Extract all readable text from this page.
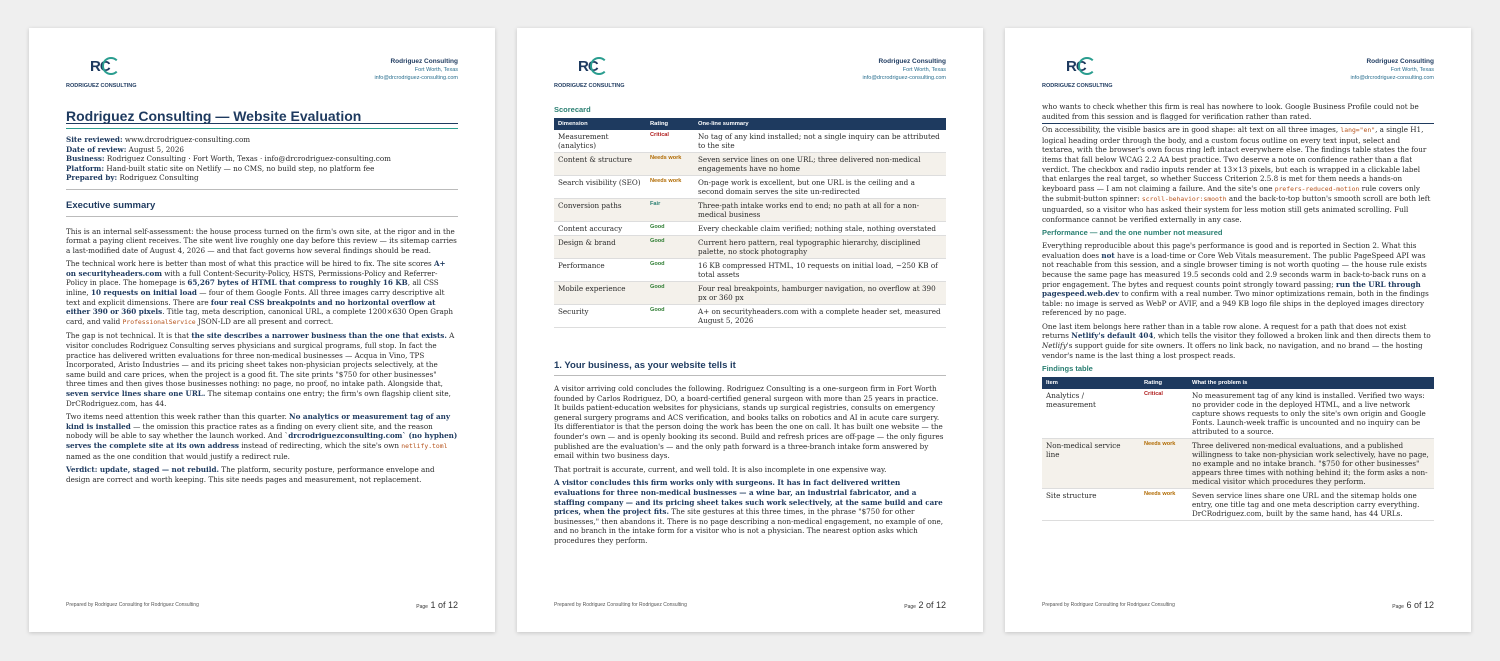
RC
RODRIGUEZ CONSULTING
Rodriguez Consulting
Fort Worth, Texas
info@drcrodriguez-consulting.com
Rodriguez Consulting — Website Evaluation
Site reviewed: www.drcrodriguez-consulting.com
Date of review: August 5, 2026
Business: Rodriguez Consulting · Fort Worth, Texas · info@drcrodriguez-consulting.com
Platform: Hand-built static site on Netlify — no CMS, no build step, no platform fee
Prepared by: Rodriguez Consulting
Executive summary

This is an internal self-assessment: the house process turned on the firm's own site, at the rigor and in the format a paying client receives. The site went live roughly one day before this review — its sitemap carries a last-modified date of August 4, 2026 — and that fact governs how several findings should be read.

The technical work here is better than most of what this practice will be hired to fix. The site scores A+ on securityheaders.com with a full Content-Security-Policy, HSTS, Permissions-Policy and Referrer-Policy in place. The homepage is 65,267 bytes of HTML that compress to roughly 16 KB, all CSS inline, 10 requests on initial load — four of them Google Fonts. All three images carry descriptive alt text and explicit dimensions. There are four real CSS breakpoints and no horizontal overflow at either 390 or 360 pixels. Title tag, meta description, canonical URL, a complete 1200×630 Open Graph card, and valid ProfessionalService JSON-LD are all present and correct.

The gap is not technical. It is that the site describes a narrower business than the one that exists. A visitor concludes Rodriguez Consulting serves physicians and surgical programs, full stop. In fact the practice has delivered written evaluations for three non-medical businesses — Acqua in Vino, TPS Incorporated, Aristo Industries — and its pricing sheet takes non-physician projects selectively, at the same build and care prices, when the project is a good fit. The site prints "$750 for other businesses" three times and then gives those businesses nothing: no page, no proof, no intake path. Alongside that, seven service lines share one URL. The sitemap contains one entry; the firm's own flagship client site, DrCRodriguez.com, has 44.

Two items need attention this week rather than this quarter. No analytics or measurement tag of any kind is installed — the omission this practice rates as a finding on every client site, and the reason nobody will be able to say whether the launch worked. And `drcrodriguezconsulting.com` (no hyphen) serves the complete site at its own address instead of redirecting, which the site's own netlify.toml named as the one condition that would justify a redirect rule.

Verdict: update, staged — not rebuild. The platform, security posture, performance envelope and design are correct and worth keeping. This site needs pages and measurement, not replacement.

Prepared by Rodriguez Consulting for Rodriguez Consulting	Page 1 of 12
RC
RODRIGUEZ CONSULTING
Rodriguez Consulting
Fort Worth, Texas
info@drcrodriguez-consulting.com
Scorecard
Dimension	Rating	One-line summary
Measurement (analytics)	Critical	No tag of any kind installed; not a single inquiry can be attributed to the site
Content & structure	Needs work	Seven service lines on one URL; three delivered non-medical engagements have no home
Search visibility (SEO)	Needs work	On-page work is excellent, but one URL is the ceiling and a second domain serves the site un-redirected
Conversion paths	Fair	Three-path intake works end to end; no path at all for a non-medical business
Content accuracy	Good	Every checkable claim verified; nothing stale, nothing overstated
Design & brand	Good	Current hero pattern, real typographic hierarchy, disciplined palette, no stock photography
Performance	Good	16 KB compressed HTML, 10 requests on initial load, ~250 KB of total assets
Mobile experience	Good	Four real breakpoints, hamburger navigation, no overflow at 390 px or 360 px
Security	Good	A+ on securityheaders.com with a complete header set, measured August 5, 2026
1. Your business, as your website tells it

A visitor arriving cold concludes the following. Rodriguez Consulting is a one-surgeon firm in Fort Worth founded by Carlos Rodriguez, DO, a board-certified general surgeon with more than 25 years in practice. It builds patient-education websites for physicians, stands up surgical registries, consults on emergency general surgery programs and ACS verification, and books talks on robotics and AI in acute care surgery. Its differentiator is that the person doing the work has been the one on call. It has built one website — the founder's own — and is openly booking its second. Build and refresh prices are off-page — the only figures published are the evaluation's — and the only path forward is a three-branch intake form answered by email within two business days.

That portrait is accurate, current, and well told. It is also incomplete in one expensive way.

A visitor concludes this firm works only with surgeons. It has in fact delivered written evaluations for three non-medical businesses — a wine bar, an industrial fabricator, and a staffing company — and its pricing sheet takes such work selectively, at the same build and care prices, when the project fits. The site gestures at this three times, in the phrase "$750 for other businesses," then abandons it. There is no page describing a non-medical engagement, no example of one, and no branch in the intake form for a visitor who is not a physician. The nearest option asks which procedures they perform.

Prepared by Rodriguez Consulting for Rodriguez Consulting	Page 2 of 12
RC
RODRIGUEZ CONSULTING
Rodriguez Consulting
Fort Worth, Texas
info@drcrodriguez-consulting.com

who wants to check whether this firm is real has nowhere to look. Google Business Profile could not be audited from this session and is flagged for verification rather than rated.

On accessibility, the visible basics are in good shape: alt text on all three images, lang="en", a single H1, logical heading order through the body, and a custom focus outline on every text input, select and textarea, with the browser's own focus ring left intact everywhere else. The findings table states the four items that fall below WCAG 2.2 AA best practice. Two deserve a note on confidence rather than a flat verdict. The checkbox and radio inputs render at 13×13 pixels, but each is wrapped in a clickable label that enlarges the real target, so whether Success Criterion 2.5.8 is met for them needs a hands-on keyboard pass — I am not claiming a failure. And the site's one prefers-reduced-motion rule covers only the submit-button spinner: scroll-behavior:smooth and the back-to-top button's smooth scroll are both left unguarded, so a visitor who has asked their system for less motion still gets animated scrolling. Full conformance cannot be verified externally in any case.

Performance — and the one number not measured

Everything reproducible about this page's performance is good and is reported in Section 2. What this evaluation does not have is a load-time or Core Web Vitals measurement. The public PageSpeed API was not reachable from this session, and a single browser timing is not worth quoting — the house rule exists because the same page has measured 19.5 seconds cold and 2.9 seconds warm in back-to-back runs on a prior engagement. The bytes and request counts point strongly toward passing; run the URL through pagespeed.web.dev to confirm with a real number. Two minor optimizations remain, both in the findings table: no image is served as WebP or AVIF, and a 949 KB logo file ships in the deployed images directory referenced by no page.

One last item belongs here rather than in a table row alone. A request for a path that does not exist returns Netlify's default 404, which tells the visitor they followed a broken link and then directs them to Netlify's support guide for site owners. It offers no link back, no navigation, and no brand — the hosting vendor's name is the last thing a lost prospect reads.

Findings table
Item	Rating	What the problem is
Analytics / measurement	Critical	No measurement tag of any kind is installed. Verified two ways: no provider code in the deployed HTML, and a live network capture shows requests to only the site's own origin and Google Fonts. Launch-week traffic is uncounted and no inquiry can be attributed to a source.
Non-medical service line	Needs work	Three delivered non-medical evaluations, and a published willingness to take non-physician work selectively, have no page, no example and no intake branch. "$750 for other businesses" appears three times with nothing behind it; the form asks a non-medical visitor which procedures they perform.
Site structure	Needs work	Seven service lines share one URL and the sitemap holds one entry, one title tag and one meta description carry everything. DrCRodriguez.com, built by the same hand, has 44 URLs.
Prepared by Rodriguez Consulting for Rodriguez Consulting	Page 6 of 12
